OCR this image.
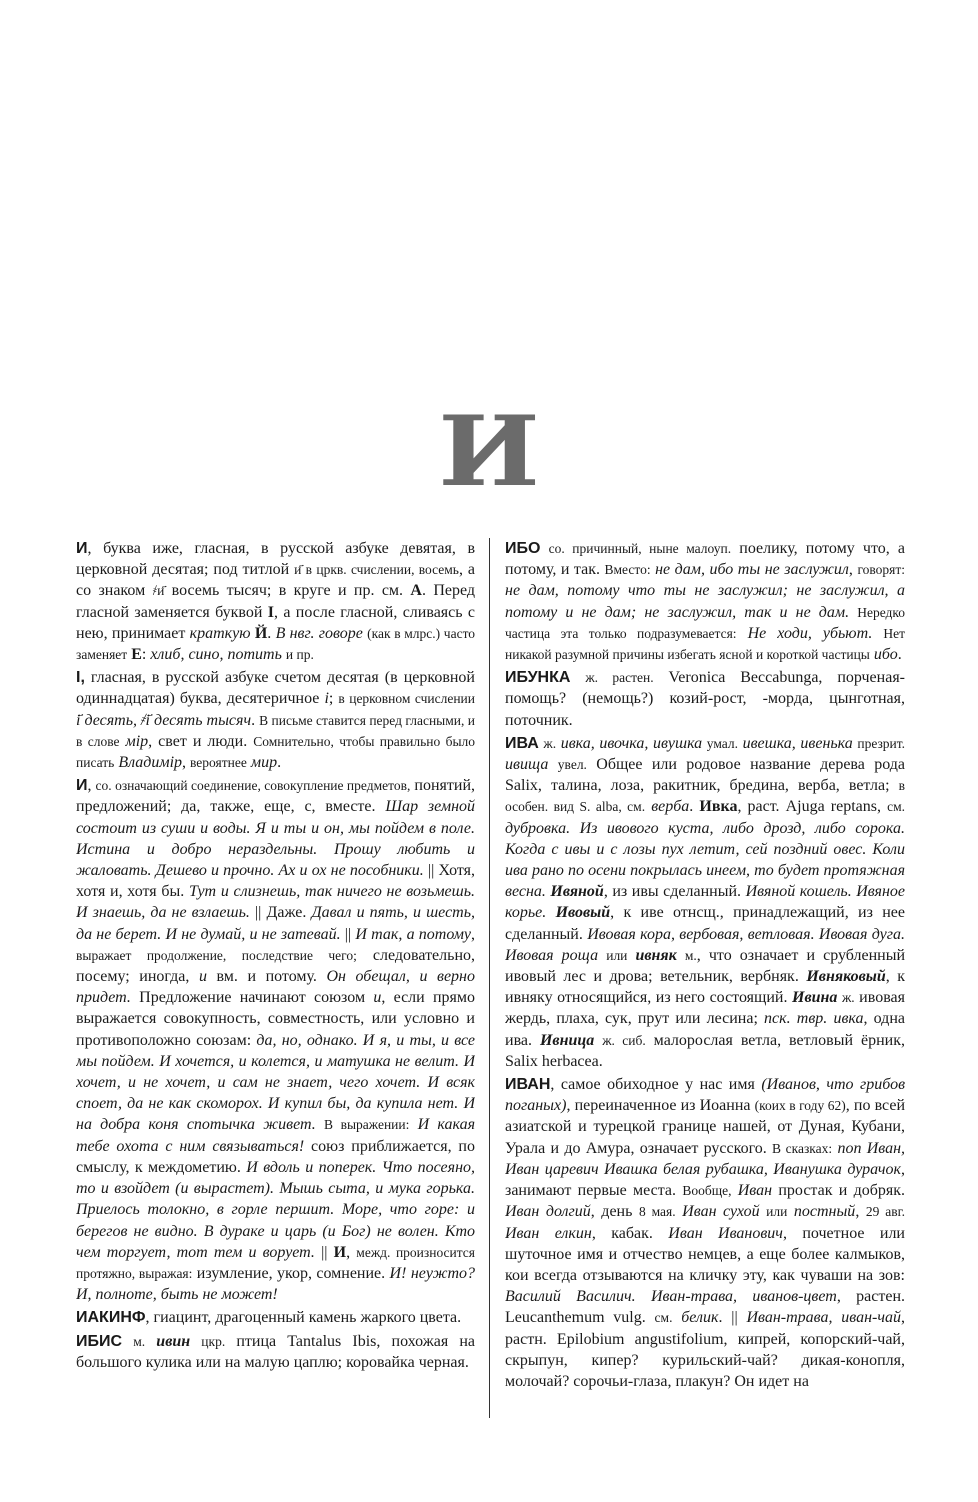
И
И, буква иже, гласная, в русской азбуке девятая, в церковной десятая; под титлой и҃ в цркв. счислении, восемь, а со знаком ҂и҃ восемь тысяч; в круге и пр. см. А. Перед гласной заменяется буквой I, а после гласной, сливаясь с нею, принимает краткую Й. В нвг. говоре (как в млрс.) часто заменяет Е: хлиб, сино, потить и пр.
I, гласная, в русской азбуке счетом десятая (в церковной одиннадцатая) буква, десятеричное i; в церковном счислении i҃ десять, ҂i҃ десять тысяч. В письме ставится перед гласными, и в слове мiр, свет и люди. Сомнительно, чтобы правильно было писать Владимiр, вероятнее мир.
И, со. означающий соединение, совокупление предметов, понятий, предложений; да, также, еще, с, вместе. Шар земной состоит из суши и воды. Я и ты и он, мы пойдем в поле. Истина и добро нераздельны. Прошу любить и жаловать. Дешево и прочно. Ах и ох не пособники. || Хотя, хотя и, хотя бы. Тут и слизнешь, так ничего не возьмешь. И знаешь, да не взлаешь. || Даже. Давал и пять, и шесть, да не берет. И не думай, и не затевай. || И так, а потому, выражает продолжение, последствие чего; следовательно, посему; иногда, и вм. и потому. Он обещал, и верно придет. Предложение начинают союзом и, если прямо выражается совокупность, совместность, или условно и противоположно союзам: да, но, однако. И я, и ты, и все мы пойдем. И хочется, и колется, и матушка не велит. И хочет, и не хочет, и сам не знает, чего хочет. И всяк споет, да не как скоморох. И купил бы, да купила нет. И на добра коня спотычка живет. В выражении: И какая тебе охота с ним связываться! союз приближается, по смыслу, к междометию. И вдоль и поперек. Что посеяно, то и взойдет (и вырастет). Мышь сыта, и мука горька. Приелось толокно, в горле першит. Море, что горе: и берегов не видно. В дураке и царь (и Бог) не волен. Кто чем торгует, тот тем и ворует. || И, межд. произносится протяжно, выражая: изумление, укор, сомнение. И! неужто? И, полноте, быть не может!
ИАКИНФ, гиацинт, драгоценный камень жаркого цвета.
ИБИС м. ивин цкр. птица Tantalus Ibis, похожая на большого кулика или на малую цаплю; коровайка черная.
ИБО со. причинный, ныне малоуп. поелику, потому что, а потому, и так. Вместо: не дам, ибо ты не заслужил, говорят: не дам, потому что ты не заслужил; не заслужил, а потому и не дам; не заслужил, так и не дам. Нередко частица эта только подразумевается: Не ходи, убьют. Нет никакой разумной причины избегать ясной и короткой частицы ибо.
ИБУНКА ж. растен. Veronica Beccabunga, порченая-помощь? (немощь?) козий-рост, -морда, цынготная, поточник.
ИВА ж. ивка, ивочка, ивушка умал. ивешка, ивенька презрит. ивища увел. Общее или родовое название дерева рода Salix, талина, лоза, ракитник, бредина, верба, ветла; в особен. вид S. alba, см. верба. Ивка, раст. Ajuga reptans, см. дубровка. Из ивового куста, либо дрозд, либо сорока. Когда с ивы и с лозы пух летит, сей поздний овес. Коли ива рано по осени покрылась инеем, то будет протяжная весна. Ивяной, из ивы сделанный. Ивяной кошель. Ивяное корье. Ивовый, к иве отнсщ., принадлежащий, из нее сделанный. Ивовая кора, вербовая, ветловая. Ивовая дуга. Ивовая роща или ивняк м., что означает и срубленный ивовый лес и дрова; ветельник, вербняк. Ивняковый, к ивняку относящийся, из него состоящий. Ивина ж. ивовая жердь, плаха, сук, прут или лесина; пск. твр. ивка, одна ива. Ивница ж. сиб. малорослая ветла, ветловый ёрник, Salix herbacea.
ИВАН, самое обиходное у нас имя (Иванов, что грибов поганых), переиначенное из Иоанна (коих в году 62), по всей азиатской и турецкой границе нашей, от Дуная, Кубани, Урала и до Амура, означает русского. В сказках: поп Иван, Иван царевич Ивашка белая рубашка, Иванушка дурачок, занимают первые места. Вообще, Иван простак и добряк. Иван долгий, день 8 мая. Иван сухой или постный, 29 авг. Иван елкин, кабак. Иван Иванович, почетное или шуточное имя и отчество немцев, а еще более калмыков, кои всегда отзываются на кличку эту, как чуваши на зов: Василий Василич. Иван-трава, иванов-цвет, растен. Leucanthemum vulg. см. белик. || Иван-трава, иван-чай, растн. Epilobium angustifolium, кипрей, копорский-чай, скрыпун, кипер? курильский-чай? дикая-конопля, молочай? сорочьи-глаза, плакун? Он идет на
